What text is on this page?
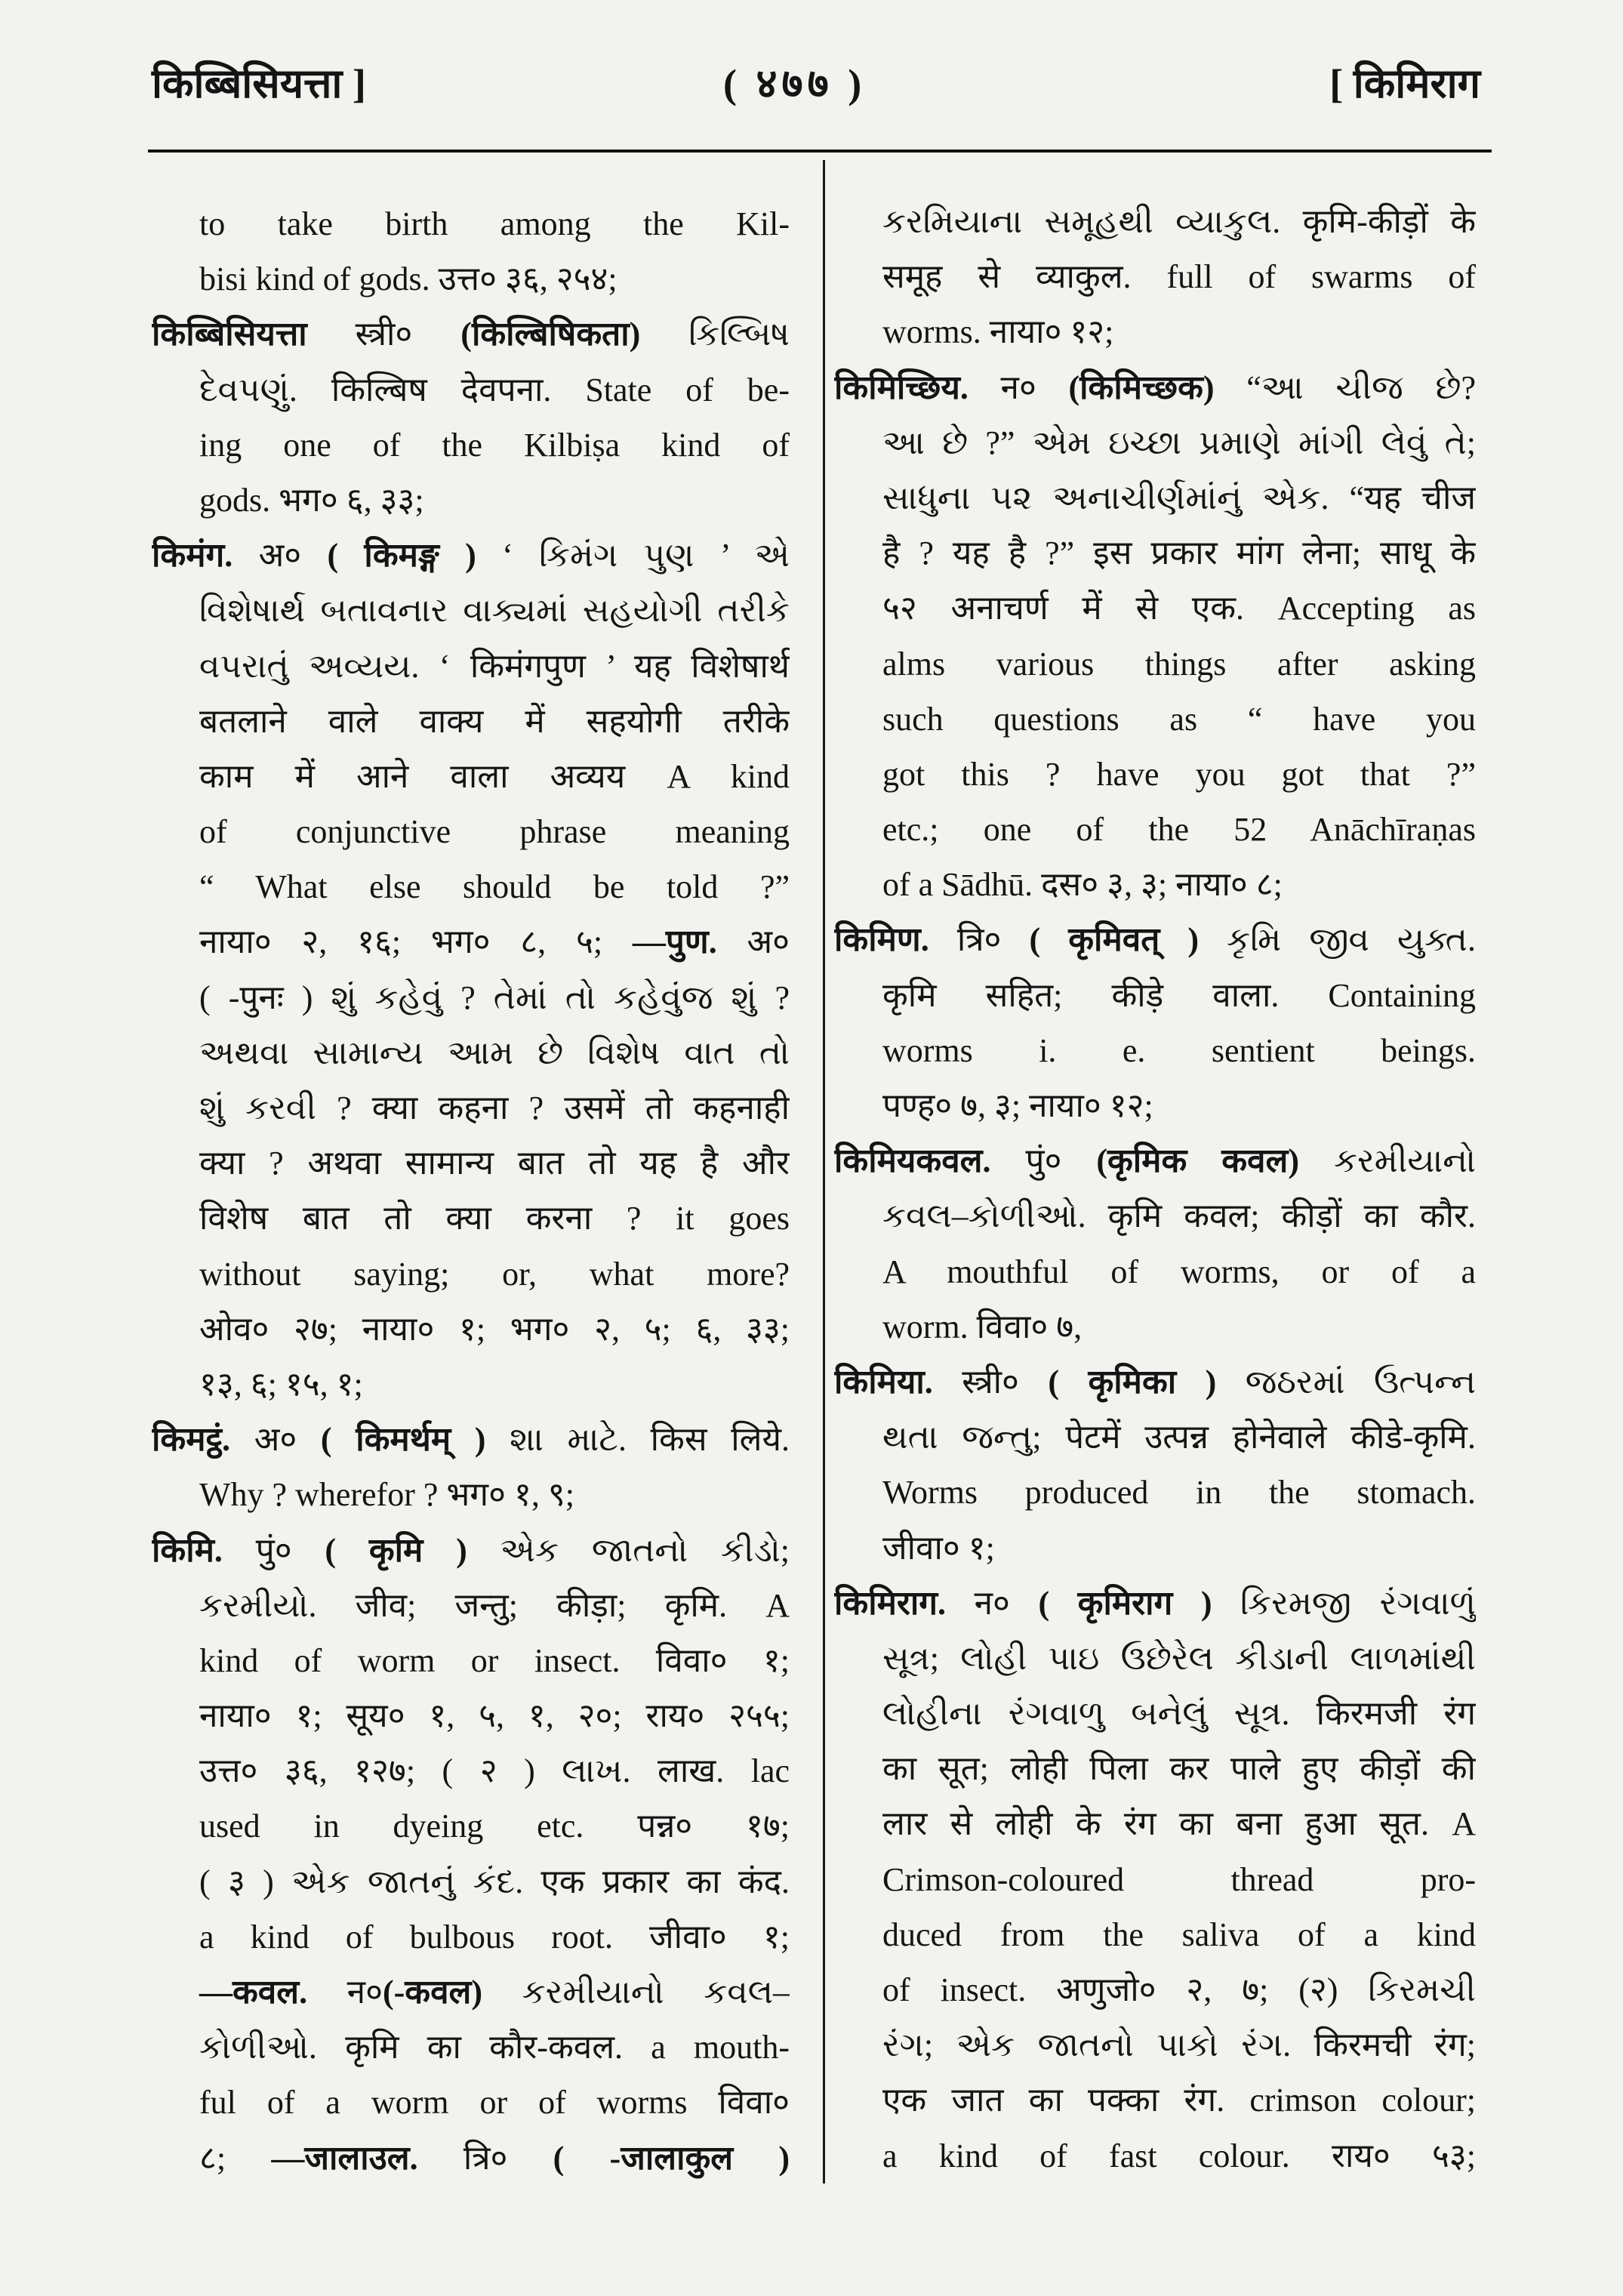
किब्बिसियत्ता ]	( ४७७ )	[ किमिराग
to take birth among the Kil-
bisi kind of gods. उत्त० ३६, २५४;
किब्बिसियत्ता स्त्री० (किल्बिषिकता) કિલ્બિષ
દેવપણું. किल्बिष देवपना. State of be-
ing one of the Kilbiṣa kind of
gods. भग० ६, ३३;
किमंग. अ० ( किमङ्ग ) ‘ કિમંગ પુણ ’ એ
વિશેષાર્થ બતાવનાર વાક્યમાં સહયોગી તરીકે
વપરાતું અવ્યય. ‘ किमंगपुण ’ यह विशेषार्थ
बतलाने वाले वाक्य में सहयोगी तरीके
काम में आने वाला अव्यय A kind
of conjunctive phrase meaning
“ What else should be told ?”
नाया० २, १६; भग० ८, ५; —पुण. अ०
( -पुनः ) શું કહેવું ? તેમાં તો કહેવુંજ શું ?
અથવા સામાન્ય આમ છે વિશેષ વાત તો
શું કરવી ? क्या कहना ? उसमें तो कहनाही
क्या ? अथवा सामान्य बात तो यह है और
विशेष बात तो क्या करना ? it goes
without saying; or, what more?
ओव० २७; नाया० १; भग० २, ५; ६, ३३;
१३, ६; १५, १;
किमट्ठं. अ० ( किमर्थम् ) શા માટે. किस लिये.
Why ? wherefor ? भग० १, ९;
किमि. पुं० ( कृमि ) એક જાતનો કીડો;
કરમીયો. जीव; जन्तु; कीड़ा; कृमि. A
kind of worm or insect. विवा० १;
नाया० १; सूय० १, ५, १, २०; राय० २५५;
उत्त० ३६, १२७; ( २ ) લાખ. लाख. lac
used in dyeing etc. पन्न० १७;
( ३ ) એક જાતનું કંદ. एक प्रकार का कंद.
a kind of bulbous root. जीवा० १;
—कवल. न०(-कवल) કરમીયાનો કવલ–
કોળીઓ. कृमि का कौर-कवल. a mouth-
ful of a worm or of worms विवा०
८; —जालाउल. त्रि० ( -जालाकुल )
કરમિયાના સમૂહથી વ્યાકુલ. कृमि-कीड़ों के
समूह से व्याकुल. full of swarms of
worms. नाया० १२;
किमिच्छिय. न० (किमिच्छक) “આ ચીજ છે?
આ છે ?” એમ ઇચ્છા પ્રમાણે માંગી લેવું તે;
સાધુના ૫૨ અનાચીર્ણમાંનું એક. “यह चीज
है ? यह है ?” इस प्रकार मांग लेना; साधू के
५२ अनाचर्ण में से एक. Accepting as
alms various things after asking
such questions as “ have you
got this ? have you got that ?”
etc.; one of the 52 Anāchīraṇas
of a Sādhū. दस० ३, ३; नाया० ८;
किमिण. त्रि० ( कृमिवत् ) કૃમિ જીવ યુક્ત.
कृमि सहित; कीड़े वाला. Containing
worms i. e. sentient beings.
पण्ह० ७, ३; नाया० १२;
किमियकवल. पुं० (कृमिक कवल) કરમીયાનો
કવલ–કોળીઓ. कृमि कवल; कीड़ों का कौर.
A mouthful of worms, or of a
worm. विवा० ७,
किमिया. स्त्री० ( कृमिका ) જઠરમાં ઉત્પન્ન
થતા જન્તુ; पेटमें उत्पन्न होनेवाले कीडे-कृमि.
Worms produced in the stomach.
जीवा० १;
किमिराग. न० ( कृमिराग ) કિરમજી રંગવાળું
સૂત્ર; લોહી પાઇ ઉછેરેલ કીડાની લાળમાંથી
લોહીના રંગવાળુ બનેલું સૂત્ર. किरमजी रंग
का सूत; लोही पिला कर पाले हुए कीड़ों की
लार से लोही के रंग का बना हुआ सूत. A
Crimson-coloured thread pro-
duced from the saliva of a kind
of insect. अणुजो० २, ७; (२) કિરમચી
રંગ; એક જાતનો પાકો રંગ. किरमची रंग;
एक जात का पक्का रंग. crimson colour;
a kind of fast colour. राय० ५३;
